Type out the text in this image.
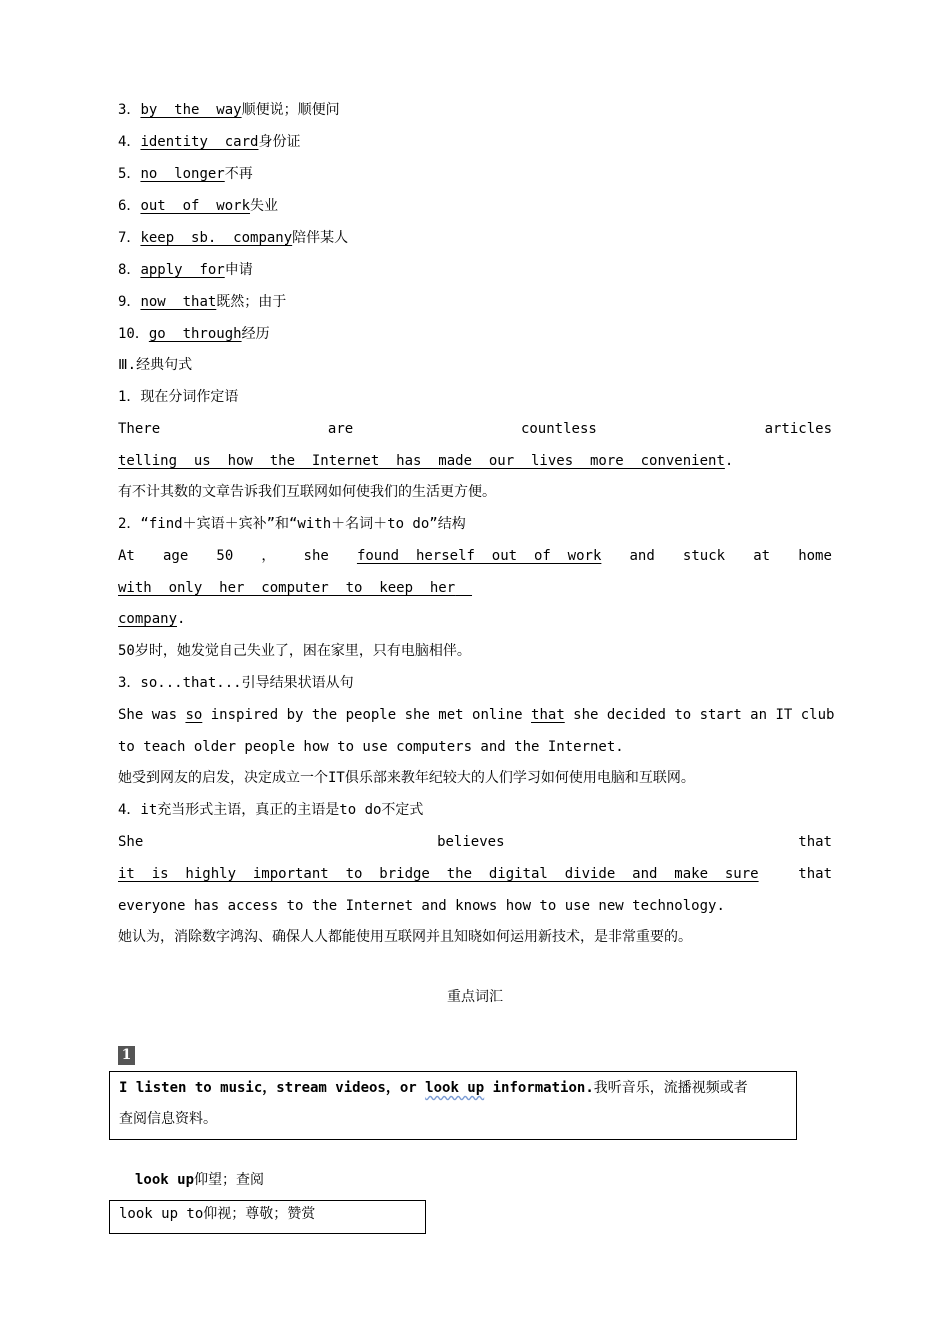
3．by  the  way顺便说；顺便问
4．identity  card身份证
5．no  longer不再
6．out  of  work失业
7．keep  sb.  company陪伴某人
8．apply  for申请
9．now  that既然；由于
10．go  through经历
Ⅲ.经典句式
1．现在分词作定语
There	are	countless	articles
telling  us  how  the  Internet  has  made  our  lives  more  convenient.
有不计其数的文章告诉我们互联网如何使我们的生活更方便。
2．“find＋宾语＋宾补”和“with＋名词＋to do”结构
At age 50 ， she found  herself  out  of  work and stuck at home
with  only  her  computer  to  keep  her
company.
50岁时，她发觉自己失业了，困在家里，只有电脑相伴。
3．so...that...引导结果状语从句
She was so inspired by the people she met online that she decided to start an IT club
to teach older people how to use computers and the Internet.
她受到网友的启发，决定成立一个IT俱乐部来教年纪较大的人们学习如何使用电脑和互联网。
4．it充当形式主语，真正的主语是to do不定式
She	believes	that
it  is  highly  important  to  bridge  the  digital  divide  and  make  sure	that
everyone has access to the Internet and knows how to use new technology.
她认为，消除数字鸿沟、确保人人都能使用互联网并且知晓如何运用新技术，是非常重要的。
重点词汇
1
I listen to music，stream videos，or look up information.我听音乐，流播视频或者
查阅信息资料。
look up仰望；查阅
look up to仰视；尊敬；赞赏
